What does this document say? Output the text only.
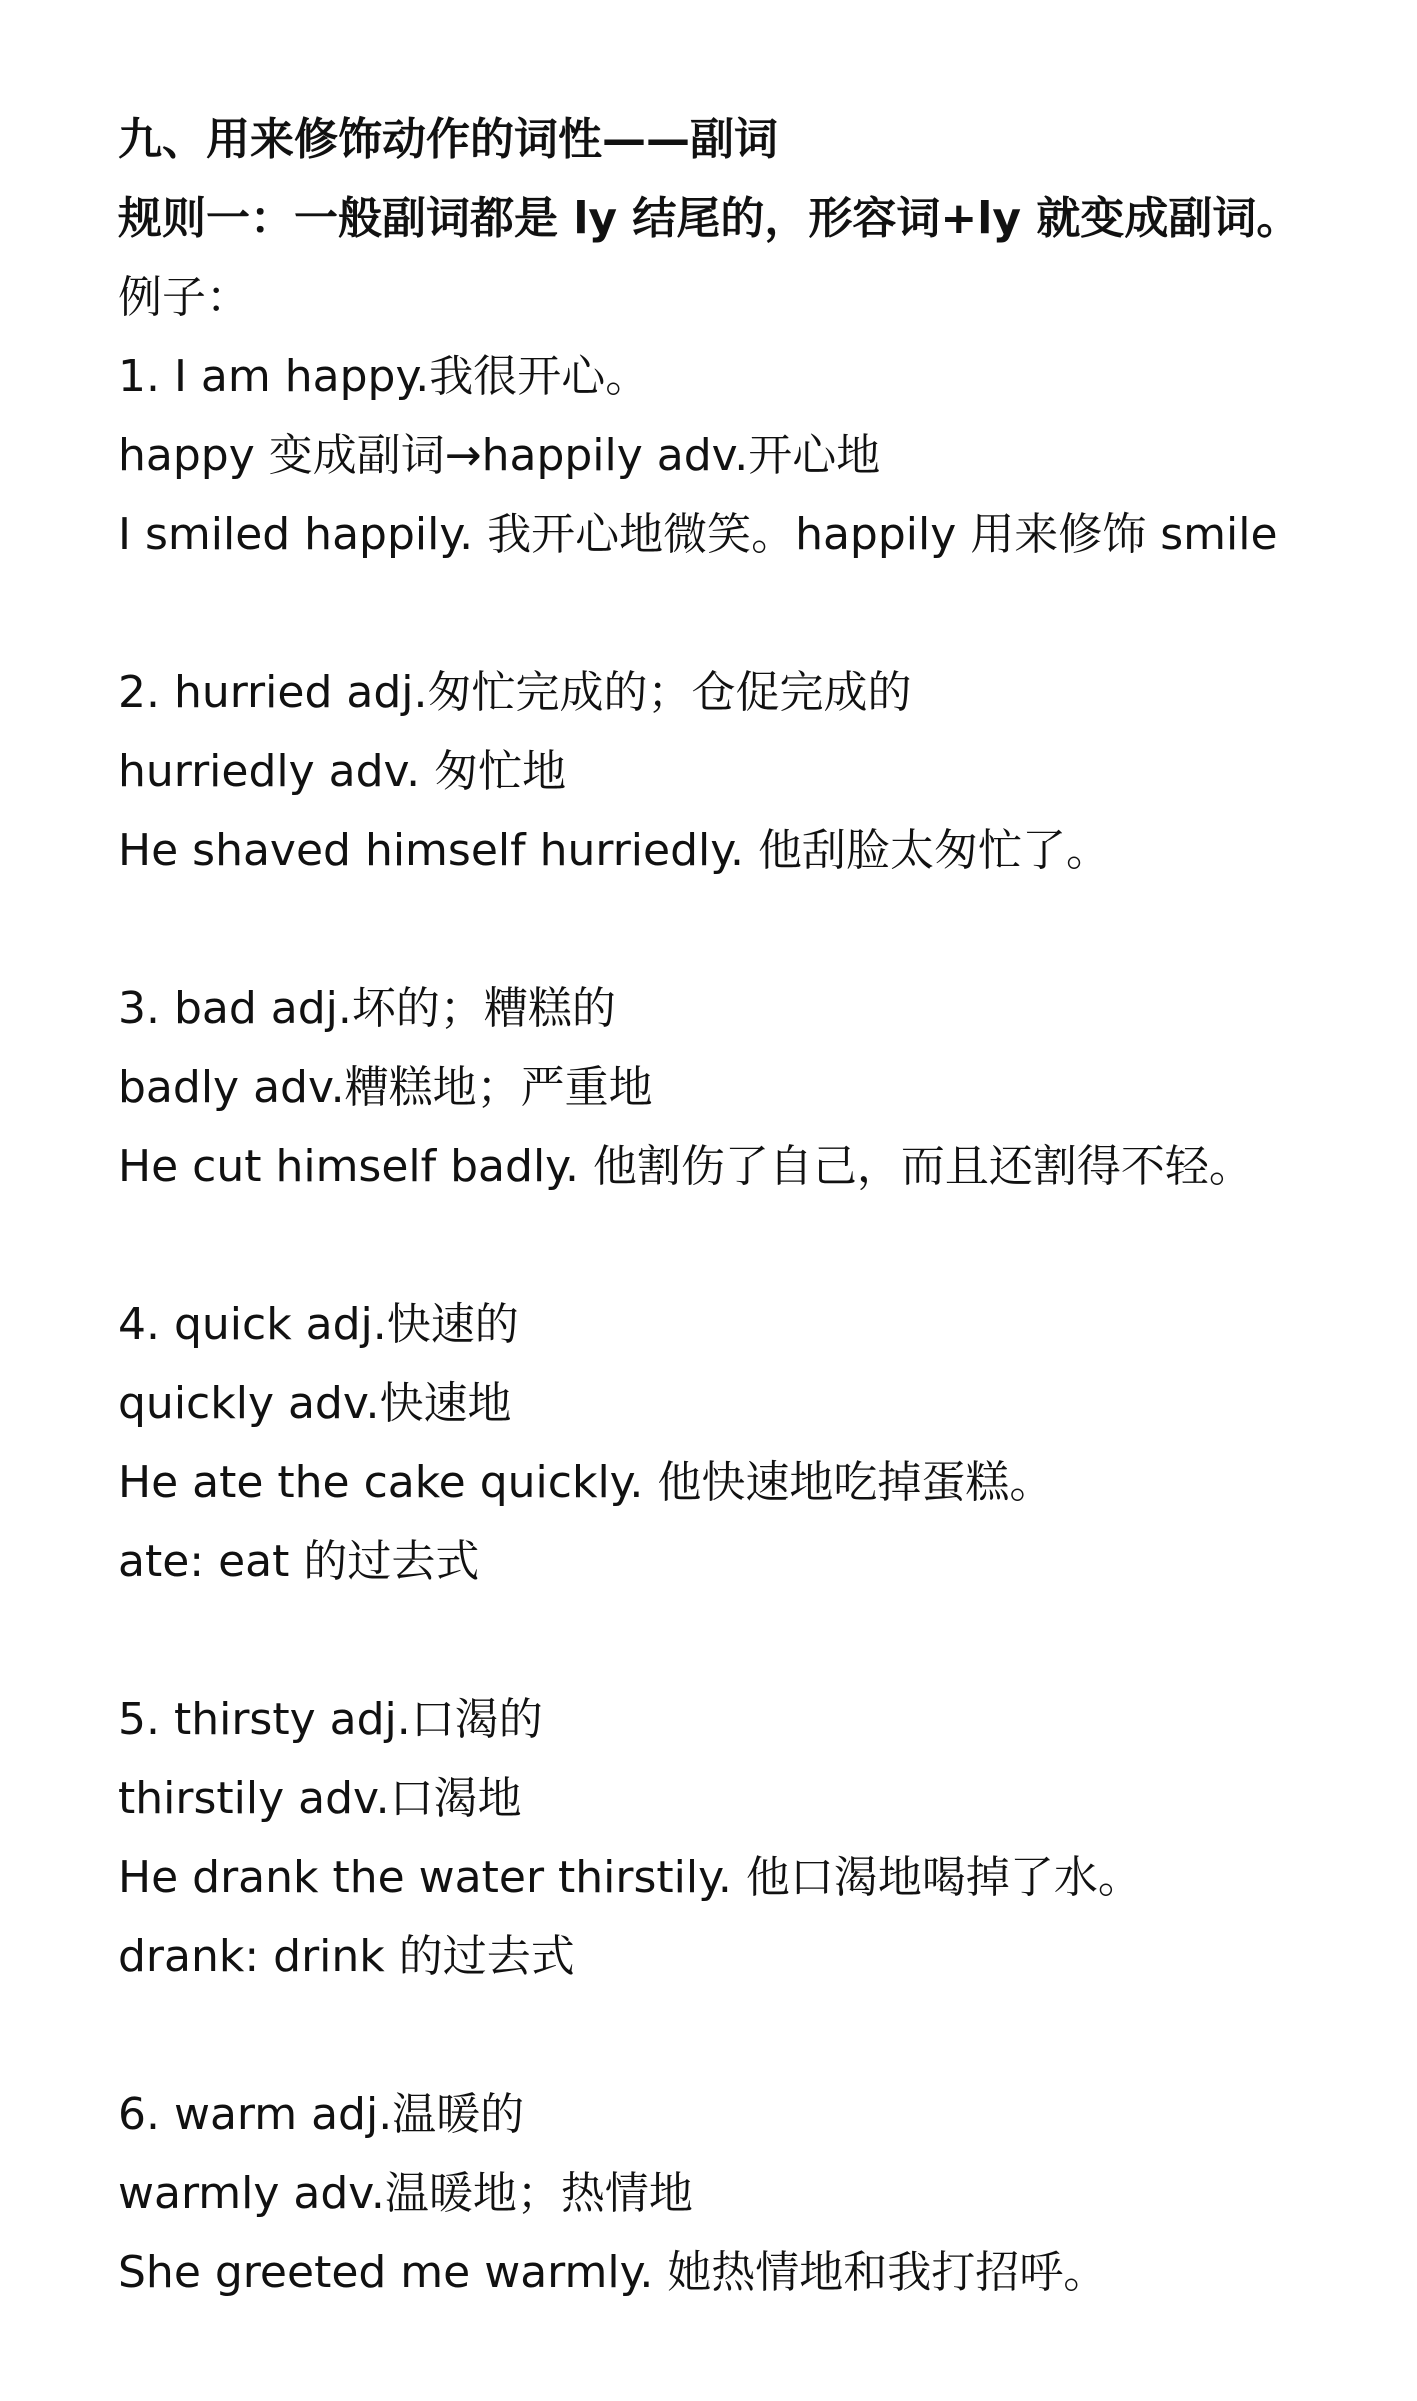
九、用来修饰动作的词性——副词
规则一：一般副词都是 ly 结尾的，形容词+ly 就变成副词。
例子：
1. I am happy.我很开心。
happy 变成副词→happily adv.开心地
I smiled happily. 我开心地微笑。happily 用来修饰 smile
2. hurried adj.匆忙完成的；仓促完成的
hurriedly adv. 匆忙地
He shaved himself hurriedly. 他刮脸太匆忙了。
3. bad adj.坏的；糟糕的
badly adv.糟糕地；严重地
He cut himself badly. 他割伤了自己，而且还割得不轻。
4. quick adj.快速的
quickly adv.快速地
He ate the cake quickly. 他快速地吃掉蛋糕。
ate: eat 的过去式
5. thirsty adj.口渴的
thirstily adv.口渴地
He drank the water thirstily. 他口渴地喝掉了水。
drank: drink 的过去式
6. warm adj.温暖的
warmly adv.温暖地；热情地
She greeted me warmly. 她热情地和我打招呼。
